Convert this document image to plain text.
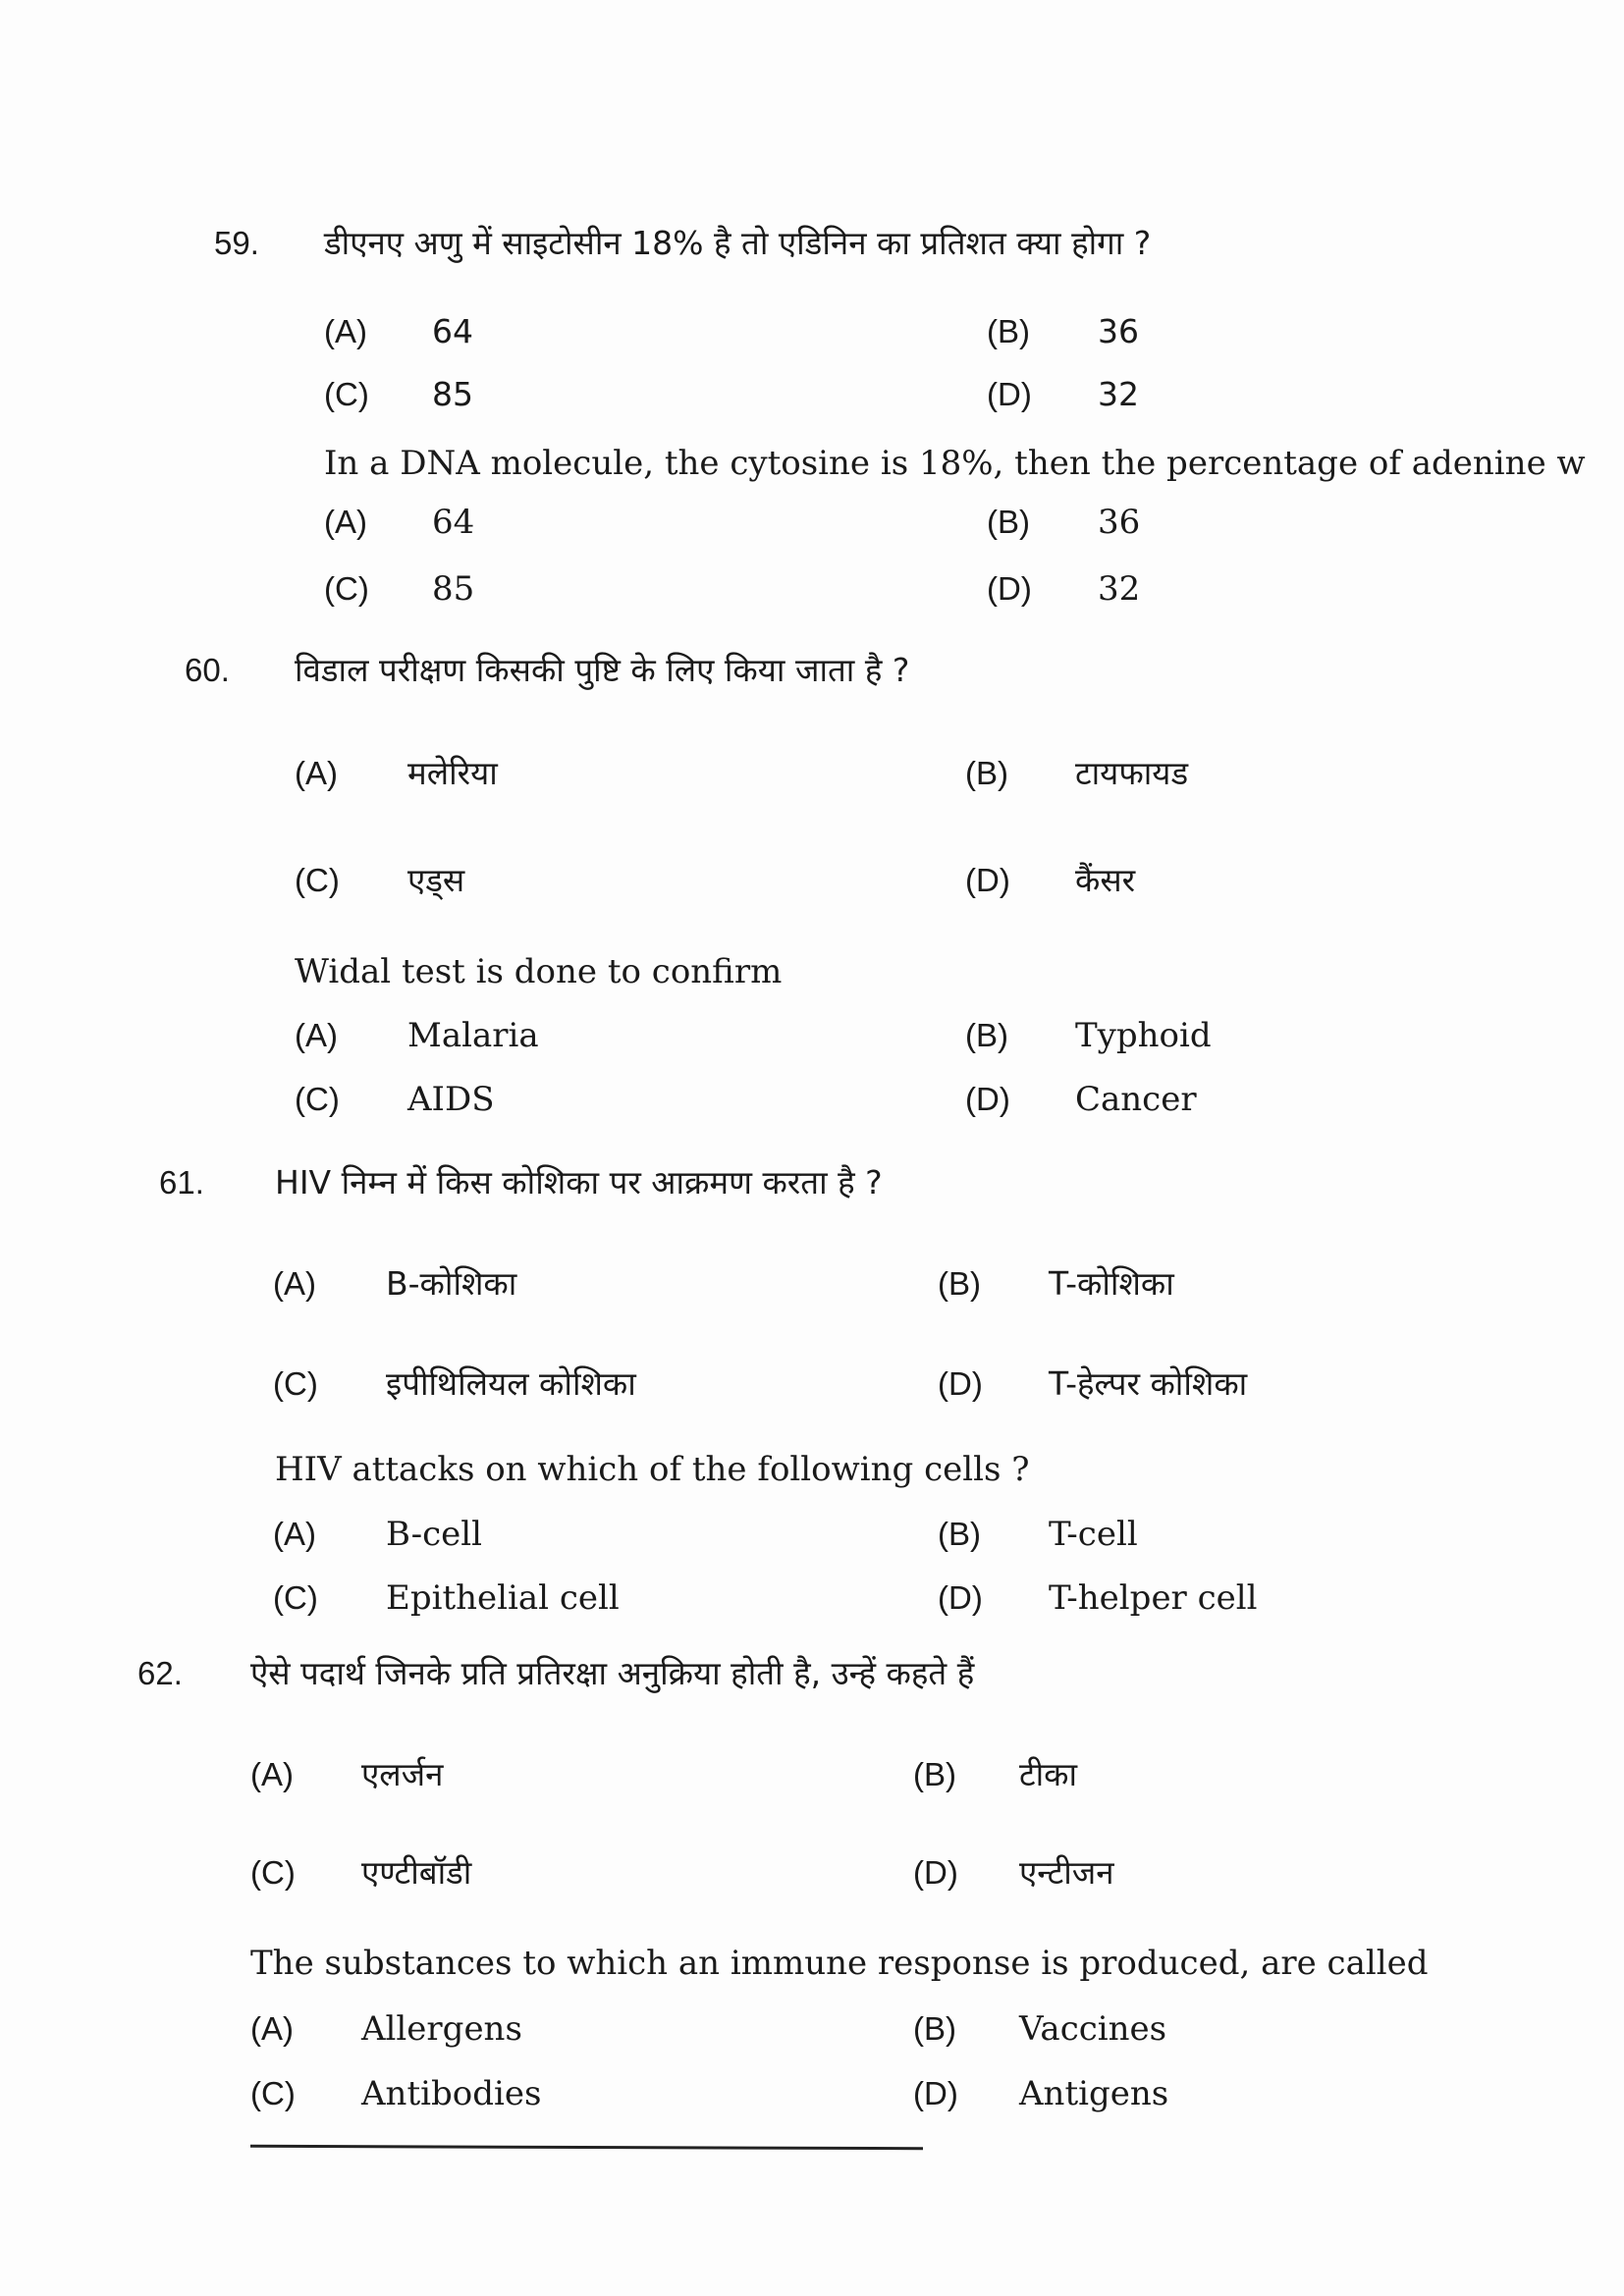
59. डीएनए अणु में साइटोसीन 18% है तो एडिनिन का प्रतिशत क्या होगा ?
(A) 64	(B) 36
(C) 85	(D) 32
(A) 64	(B) 36
(C) 85	(D) 32
In a DNA molecule, the cytosine is 18%, then the percentage of adenine w
60. विडाल परीक्षण किसकी पुष्टि के लिए किया जाता है ?
(A) मलेरिया	(B) टायफायड
(C) एड्स	(D) कैंसर
(A) Malaria	(B) Typhoid
(C) AIDS	(D) Cancer
Widal test is done to confirm
61. HIV निम्न में किस कोशिका पर आक्रमण करता है ?
(A) B-कोशिका	(B) T-कोशिका
(C) इपीथिलियल कोशिका	(D) T-हेल्पर कोशिका
(A) B-cell	(B) T-cell
(C) Epithelial cell	(D) T-helper cell
HIV attacks on which of the following cells ?
62. ऐसे पदार्थ जिनके प्रति प्रतिरक्षा अनुक्रिया होती है, उन्हें कहते हैं
(A) एलर्जन	(B) टीका
(C) एण्टीबॉडी	(D) एन्टीजन
(A) Allergens	(B) Vaccines
(C) Antibodies	(D) Antigens
The substances to which an immune response is produced, are called
